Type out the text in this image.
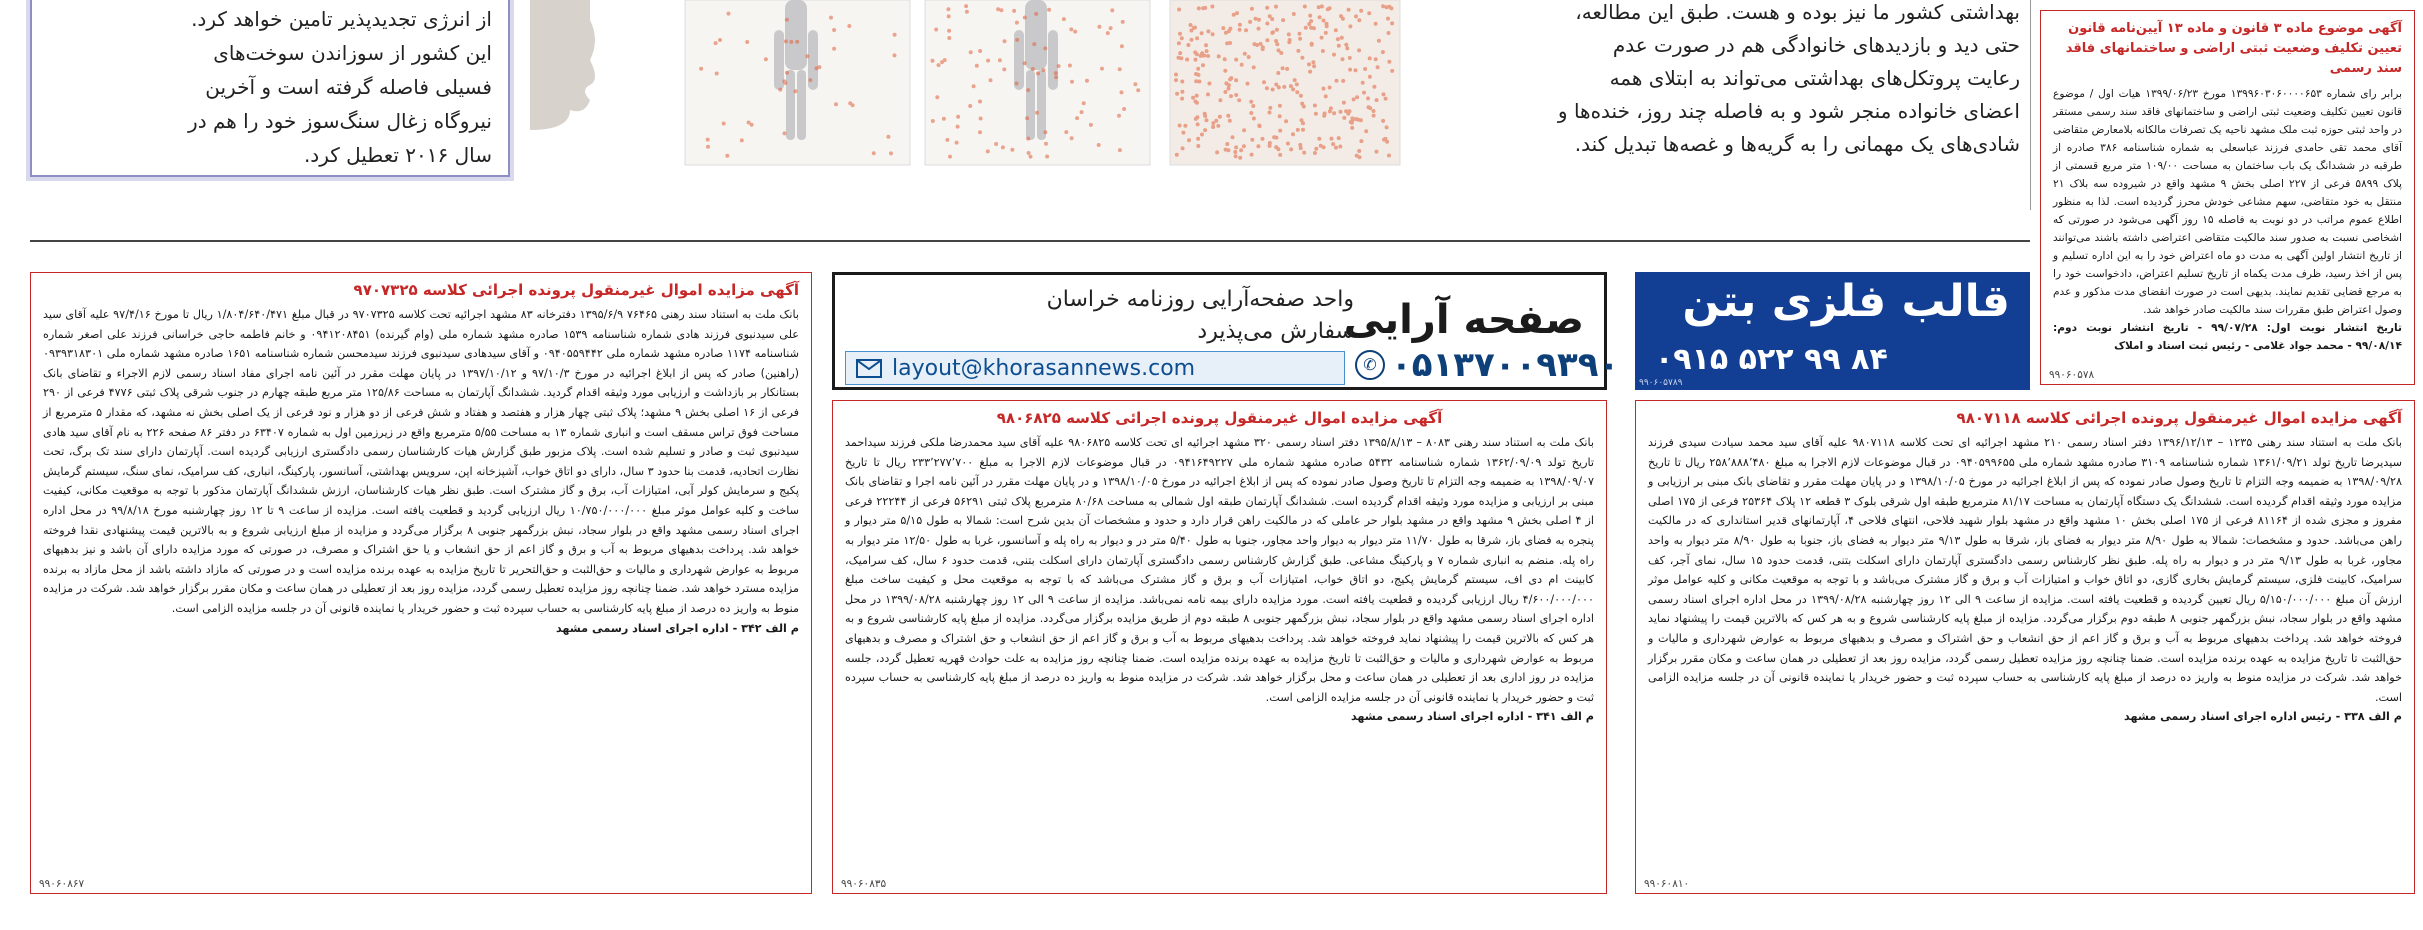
از انرژی تجدیدپذیر تامین خواهد کرد.
این کشور از سوزاندن سوخت‌های
فسیلی فاصله گرفته است و آخرین
نیروگاه زغال سنگ‌سوز خود را هم در
سال ۲۰۱۶ تعطیل کرد.
بهداشتی کشور ما نیز بوده و هست. طبق این مطالعه،
حتی دید و بازدیدهای خانوادگی هم در صورت عدم
رعایت پروتکل‌های بهداشتی می‌تواند به ابتلای همه
اعضای خانواده منجر شود و به فاصله چند روز، خنده‌ها و
شادی‌های یک مهمانی را به گریه‌ها و غصه‌ها تبدیل کند.
آگهی موضوع ماده ۳ قانون و ماده ۱۳ آیین‌نامه قانون تعیین تکلیف وضعیت ثبتی اراضی و ساختمانهای فاقد سند رسمی
برابر رای شماره ۱۳۹۹۶۰۳۰۶۰۰۰۰۶۵۳ مورخ ۱۳۹۹/۰۶/۲۳ هیات اول / موضوع قانون تعیین تکلیف وضعیت ثبتی اراضی و ساختمانهای فاقد سند رسمی مستقر در واحد ثبتی حوزه ثبت ملک مشهد ناحیه یک تصرفات مالکانه بلامعارض متقاضی آقای محمد تقی حامدی فرزند عباسعلی به شماره شناسنامه ۳۸۶ صادره از طرقبه در ششدانگ یک باب ساختمان به مساحت ۱۰۹/۰۰ متر مربع قسمتی از پلاک ۵۸۹۹ فرعی از ۲۲۷ اصلی بخش ۹ مشهد واقع در شیروده سه بلاک ۲۱ منتقل به خود متقاضی، سهم مشاعی خودش محرز گردیده است. لذا به منظور اطلاع عموم مراتب در دو نوبت به فاصله ۱۵ روز آگهی می‌شود در صورتی که اشخاصی نسبت به صدور سند مالکیت متقاضی اعتراضی داشته باشند می‌توانند از تاریخ انتشار اولین آگهی به مدت دو ماه اعتراض خود را به این اداره تسلیم و پس از اخذ رسید، ظرف مدت یکماه از تاریخ تسلیم اعتراض، دادخواست خود را به مرجع قضایی تقدیم نمایند. بدیهی است در صورت انقضای مدت مذکور و عدم وصول اعتراض طبق مقررات سند مالکیت صادر خواهد شد.
تاریخ انتشار نوبت اول: ۹۹/۰۷/۲۸ - تاریخ انتشار نوبت دوم: ۹۹/۰۸/۱۴ - محمد جواد غلامی - رئیس ثبت اسناد و املاک
۹۹۰۶۰۵۷۸
آگهی مزایده اموال غیرمنقول پرونده اجرائی کلاسه ۹۷۰۷۳۲۵
بانک ملت به استناد سند رهنی ۷۶۴۶۵ ۱۳۹۵/۶/۹ دفترخانه ۸۳ مشهد اجرائیه تحت کلاسه ۹۷۰۷۳۲۵ در قبال مبلغ ۱/۸۰۴/۶۴۰/۴۷۱ ریال تا مورخ ۹۷/۴/۱۶ علیه آقای سید علی سیدنبوی فرزند هادی شماره شناسنامه ۱۵۳۹ صادره مشهد شماره ملی (وام گیرنده) ۰۹۴۱۲۰۸۴۵۱ و خانم فاطمه حاجی خراسانی فرزند علی اصغر شماره شناسنامه ۱۱۷۴ صادره مشهد شماره ملی ۰۹۴۰۵۵۹۴۴۲ و آقای سیدهادی سیدنبوی فرزند سیدمحسن شماره شناسنامه ۱۶۵۱ صادره مشهد شماره ملی ۰۹۳۹۳۱۸۳۰۱ (راهنین) صادر که پس از ابلاغ اجرائیه در مورخ ۹۷/۱۰/۳ و ۱۳۹۷/۱۰/۱۲ در پایان مهلت مقرر در آئین نامه اجرای مفاد اسناد رسمی لازم الاجراء و تقاضای بانک بستانکار بر بازداشت و ارزیابی مورد وثیقه اقدام گردید. ششدانگ آپارتمان به مساحت ۱۲۵/۸۶ متر مربع طبقه چهارم در جنوب شرقی پلاک ثبتی ۴۷۷۶ فرعی از ۲۹۰ فرعی از ۱۶ اصلی بخش ۹ مشهد؛ پلاک ثبتی چهار هزار و هفتصد و هفتاد و شش فرعی از دو هزار و نود فرعی از یک اصلی بخش نه مشهد، که مقدار ۵ مترمربع از مساحت فوق تراس مسقف است و انباری شماره ۱۳ به مساحت ۵/۵۵ مترمربع واقع در زیرزمین اول به شماره ۶۳۴۰۷ در دفتر ۸۶ صفحه ۲۲۶ به نام آقای سید هادی سیدنبوی ثبت و صادر و تسلیم شده است. پلاک مزبور طبق گزارش هیات کارشناسان رسمی دادگستری ارزیابی گردیده است. آپارتمان دارای سند تک برگ، تحت نظارت اتحادیه، قدمت بنا حدود ۳ سال، دارای دو اتاق خواب، آشپزخانه اپن، سرویس بهداشتی، آسانسور، پارکینگ، انباری، کف سرامیک، نمای سنگ، سیستم گرمایش پکیج و سرمایش کولر آبی، امتیازات آب، برق و گاز مشترک است. طبق نظر هیات کارشناسان، ارزش ششدانگ آپارتمان مذکور با توجه به موقعیت مکانی، کیفیت ساخت و کلیه عوامل موثر مبلغ ۱۰/۷۵۰/۰۰۰/۰۰۰ ریال ارزیابی گردید و قطعیت یافته است. مزایده از ساعت ۹ تا ۱۲ روز چهارشنبه مورخ ۹۹/۸/۱۸ در محل اداره اجرای اسناد رسمی مشهد واقع در بلوار سجاد، نبش بزرگمهر جنوبی ۸ برگزار می‌گردد و مزایده از مبلغ ارزیابی شروع و به بالاترین قیمت پیشنهادی نقدا فروخته خواهد شد. پرداخت بدهیهای مربوط به آب و برق و گاز اعم از حق انشعاب و یا حق اشتراک و مصرف، در صورتی که مورد مزایده دارای آن باشد و نیز بدهیهای مربوط به عوارض شهرداری و مالیات و حق‌الثبت و حق‌التحریر تا تاریخ مزایده به عهده برنده مزایده است و در صورتی که مازاد داشته باشد از محل مازاد به برنده مزایده مسترد خواهد شد. ضمنا چنانچه روز مزایده تعطیل رسمی گردد، مزایده روز بعد از تعطیلی در همان ساعت و مکان مقرر برگزار خواهد شد. شرکت در مزایده منوط به واریز ده درصد از مبلغ پایه کارشناسی به حساب سپرده ثبت و حضور خریدار یا نماینده قانونی آن در جلسه مزایده الزامی است.
م الف ۳۴۲ - اداره اجرای اسناد رسمی مشهد
۹۹۰۶۰۸۶۷
صفحه آرایی
واحد صفحه‌آرایی روزنامه خراسان
سفارش می‌پذیرد
layout@khorasannews.com	✆ ۰۵۱۳۷۰۰۹۳۹۰
آگهی مزایده اموال غیرمنقول پرونده اجرائی کلاسه ۹۸۰۶۸۲۵
بانک ملت به استناد سند رهنی ۸۰۸۳ – ۱۳۹۵/۸/۱۳ دفتر اسناد رسمی ۳۲۰ مشهد اجرائیه ای تحت کلاسه ۹۸۰۶۸۲۵ علیه آقای سید محمدرضا ملکی فرزند سیداحمد تاریخ تولد ۱۳۶۲/۰۹/۰۹ شماره شناسنامه ۵۴۳۲ صادره مشهد شماره ملی ۰۹۴۱۶۴۹۲۲۷ در قبال موضوعات لازم الاجرا به مبلغ ۲۳۳٬۲۷۷٬۷۰۰ ریال تا تاریخ ۱۳۹۸/۰۹/۰۷ به ضمیمه وجه التزام تا تاریخ وصول صادر نموده که پس از ابلاغ اجرائیه در مورخ ۱۳۹۸/۱۰/۰۵ و در پایان مهلت مقرر در آئین نامه اجرا و تقاضای بانک مبنی بر ارزیابی و مزایده مورد وثیقه اقدام گردیده است. ششدانگ آپارتمان طبقه اول شمالی به مساحت ۸۰/۶۸ مترمربع پلاک ثبتی ۵۶۲۹۱ فرعی از ۲۲۲۴۴ فرعی از ۴ اصلی بخش ۹ مشهد واقع در مشهد بلوار حر عاملی که در مالکیت راهن قرار دارد و حدود و مشخصات آن بدین شرح است: شمالا به طول ۵/۱۵ متر دیوار و پنجره به فضای باز، شرقا به طول ۱۱/۷۰ متر دیوار به دیوار واحد مجاور، جنوبا به طول ۵/۴۰ متر در و دیوار به راه پله و آسانسور، غربا به طول ۱۲/۵۰ متر دیوار به راه پله. منضم به انباری شماره ۷ و پارکینگ مشاعی. طبق گزارش کارشناس رسمی دادگستری آپارتمان دارای اسکلت بتنی، قدمت حدود ۶ سال، کف سرامیک، کابینت ام دی اف، سیستم گرمایش پکیج، دو اتاق خواب، امتیازات آب و برق و گاز مشترک می‌باشد که با توجه به موقعیت محل و کیفیت ساخت مبلغ ۴/۶۰۰/۰۰۰/۰۰۰ ریال ارزیابی گردیده و قطعیت یافته است. مورد مزایده دارای بیمه نامه نمی‌باشد. مزایده از ساعت ۹ الی ۱۲ روز چهارشنبه ۱۳۹۹/۰۸/۲۸ در محل اداره اجرای اسناد رسمی مشهد واقع در بلوار سجاد، نبش بزرگمهر جنوبی ۸ طبقه دوم از طریق مزایده برگزار می‌گردد. مزایده از مبلغ پایه کارشناسی شروع و به هر کس که بالاترین قیمت را پیشنهاد نماید فروخته خواهد شد. پرداخت بدهیهای مربوط به آب و برق و گاز اعم از حق انشعاب و حق اشتراک و مصرف و بدهیهای مربوط به عوارض شهرداری و مالیات و حق‌الثبت تا تاریخ مزایده به عهده برنده مزایده است. ضمنا چنانچه روز مزایده به علت حوادث قهریه تعطیل گردد، جلسه مزایده در روز اداری بعد از تعطیلی در همان ساعت و محل برگزار خواهد شد. شرکت در مزایده منوط به واریز ده درصد از مبلغ پایه کارشناسی به حساب سپرده ثبت و حضور خریدار یا نماینده قانونی آن در جلسه مزایده الزامی است.
م الف ۳۴۱ - اداره اجرای اسناد رسمی مشهد
۹۹۰۶۰۸۳۵
قالب فلزی بتن
۰۹۱۵ ۵۲۲ ۹۹ ۸۴
۹۹۰۶۰۵۷۸۹
آگهی مزایده اموال غیرمنقول پرونده اجرائی کلاسه ۹۸۰۷۱۱۸
بانک ملت به استناد سند رهنی ۱۲۳۵ – ۱۳۹۶/۱۲/۱۳ دفتر اسناد رسمی ۲۱۰ مشهد اجرائیه ای تحت کلاسه ۹۸۰۷۱۱۸ علیه آقای سید محمد سیادت سیدی فرزند سیدیرضا تاریخ تولد ۱۳۶۱/۰۹/۲۱ شماره شناسنامه ۳۱۰۹ صادره مشهد شماره ملی ۰۹۴۰۵۹۹۶۵۵ در قبال موضوعات لازم الاجرا به مبلغ ۲۵۸٬۸۸۸٬۴۸۰ ریال تا تاریخ ۱۳۹۸/۰۹/۲۸ به ضمیمه وجه التزام تا تاریخ وصول صادر نموده که پس از ابلاغ اجرائیه در مورخ ۱۳۹۸/۱۰/۰۵ و در پایان مهلت مقرر و تقاضای بانک مبنی بر ارزیابی و مزایده مورد وثیقه اقدام گردیده است. ششدانگ یک دستگاه آپارتمان به مساحت ۸۱/۱۷ مترمربع طبقه اول شرقی بلوک ۳ قطعه ۱۲ پلاک ۲۵۳۶۴ فرعی از ۱۷۵ اصلی مفروز و مجزی شده از ۸۱۱۶۴ فرعی از ۱۷۵ اصلی بخش ۱۰ مشهد واقع در مشهد بلوار شهید فلاحی، انتهای فلاحی ۴، آپارتمانهای قدیر استانداری که در مالکیت راهن می‌باشد. حدود و مشخصات: شمالا به طول ۸/۹۰ متر دیوار به فضای باز، شرقا به طول ۹/۱۳ متر دیوار به فضای باز، جنوبا به طول ۸/۹۰ متر دیوار به واحد مجاور، غربا به طول ۹/۱۳ متر در و دیوار به راه پله. طبق نظر کارشناس رسمی دادگستری آپارتمان دارای اسکلت بتنی، قدمت حدود ۱۵ سال، نمای آجر، کف سرامیک، کابینت فلزی، سیستم گرمایش بخاری گازی، دو اتاق خواب و امتیازات آب و برق و گاز مشترک می‌باشد و با توجه به موقعیت مکانی و کلیه عوامل موثر ارزش آن مبلغ ۵/۱۵۰/۰۰۰/۰۰۰ ریال تعیین گردیده و قطعیت یافته است. مزایده از ساعت ۹ الی ۱۲ روز چهارشنبه ۱۳۹۹/۰۸/۲۸ در محل اداره اجرای اسناد رسمی مشهد واقع در بلوار سجاد، نبش بزرگمهر جنوبی ۸ طبقه دوم برگزار می‌گردد. مزایده از مبلغ پایه کارشناسی شروع و به هر کس که بالاترین قیمت را پیشنهاد نماید فروخته خواهد شد. پرداخت بدهیهای مربوط به آب و برق و گاز اعم از حق انشعاب و حق اشتراک و مصرف و بدهیهای مربوط به عوارض شهرداری و مالیات و حق‌الثبت تا تاریخ مزایده به عهده برنده مزایده است. ضمنا چنانچه روز مزایده تعطیل رسمی گردد، مزایده روز بعد از تعطیلی در همان ساعت و مکان مقرر برگزار خواهد شد. شرکت در مزایده منوط به واریز ده درصد از مبلغ پایه کارشناسی به حساب سپرده ثبت و حضور خریدار یا نماینده قانونی آن در جلسه مزایده الزامی است.
م الف ۳۳۸ - رئیس اداره اجرای اسناد رسمی مشهد
۹۹۰۶۰۸۱۰
